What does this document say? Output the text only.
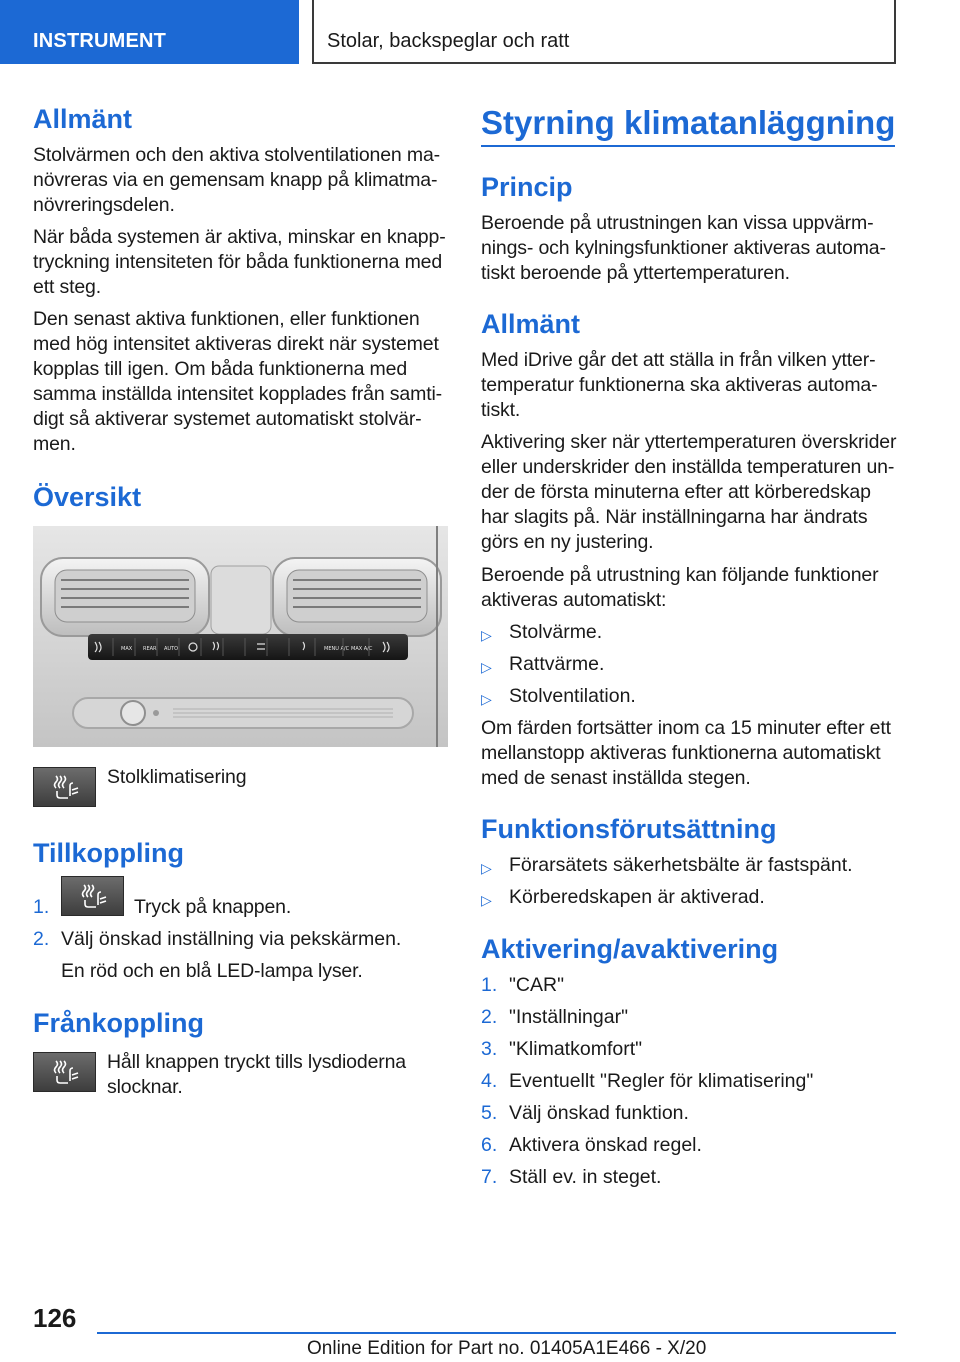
INSTRUMENT	Stolar, backspeglar och ratt
Allmänt

Stolvärmen och den aktiva stolventilationen ma-
növreras via en gemensam knapp på klimatma-
növreringsdelen.

När båda systemen är aktiva, minskar en knapp-
tryckning intensiteten för båda funktionerna med
ett steg.

Den senast aktiva funktionen, eller funktionen
med hög intensitet aktiveras direkt när systemet
kopplas till igen. Om båda funktionerna med
samma inställda intensitet kopplades från samti-
digt så aktiverar systemet automatiskt stolvär-
men.

Översikt
MAX REAR AUTO	MENU A/C MAX A/C

Stolklimatisering

Tillkoppling
1.	Tryck på knappen.

2. Välj önskad inställning via pekskärmen.

En röd och en blå LED-lampa lyser.

Frånkoppling

Håll knappen tryckt tills lysdioderna
slocknar.

Styrning klimatanläggning
Princip

Beroende på utrustningen kan vissa uppvärm-
nings- och kylningsfunktioner aktiveras automa-
tiskt beroende på yttertemperaturen.

Allmänt

Med iDrive går det att ställa in från vilken ytter-
temperatur funktionerna ska aktiveras automa-
tiskt.

Aktivering sker när yttertemperaturen överskrider
eller underskrider den inställda temperaturen un-
der de första minuterna efter att körberedskap
har slagits på. När inställningarna har ändrats
görs en ny justering.

Beroende på utrustning kan följande funktioner
aktiveras automatiskt:

▷ Stolvärme.
▷ Rattvärme.
▷ Stolventilation.

Om färden fortsätter inom ca 15 minuter efter ett
mellanstopp aktiveras funktionerna automatiskt
med de senast inställda stegen.

Funktionsförutsättning
▷ Förarsätets säkerhetsbälte är fastspänt.
▷ Körberedskapen är aktiverad.
Aktivering/avaktivering
1. "CAR"
2. "Inställningar"
3. "Klimatkomfort"
4. Eventuellt "Regler för klimatisering"
5. Välj önskad funktion.
6. Aktivera önskad regel.
7. Ställ ev. in steget.
126
Online Edition for Part no. 01405A1E466 - X/20
